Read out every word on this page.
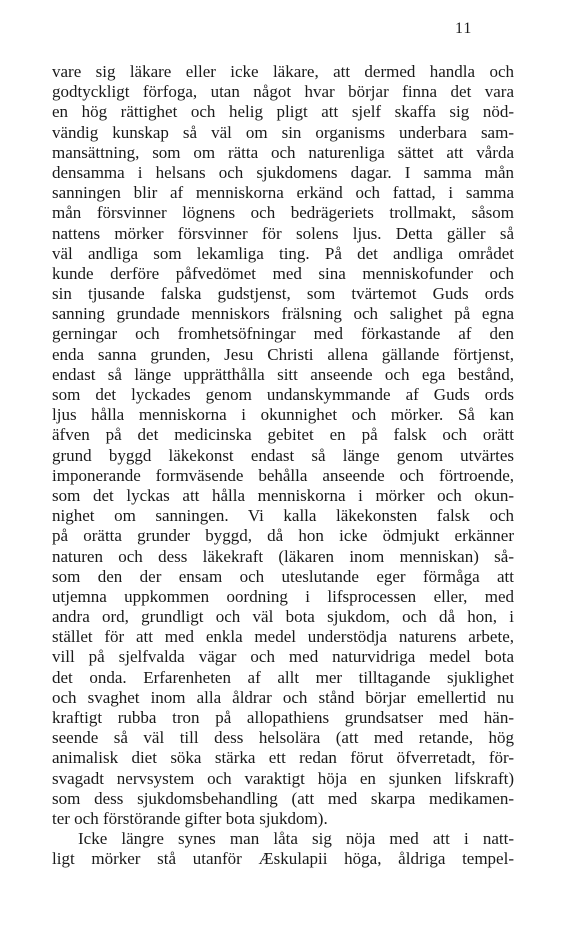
11
vare sig läkare eller icke läkare, att dermed handla och
godtyckligt förfoga, utan något hvar börjar finna det vara
en hög rättighet och helig pligt att sjelf skaffa sig nöd-
vändig kunskap så väl om sin organisms underbara sam-
mansättning, som om rätta och naturenliga sättet att vårda
densamma i helsans och sjukdomens dagar. I samma mån
sanningen blir af menniskorna erkänd och fattad, i samma
mån försvinner lögnens och bedrägeriets trollmakt, såsom
nattens mörker försvinner för solens ljus. Detta gäller så
väl andliga som lekamliga ting. På det andliga området
kunde derföre påfvedömet med sina menniskofunder och
sin tjusande falska gudstjenst, som tvärtemot Guds ords
sanning grundade menniskors frälsning och salighet på egna
gerningar och fromhetsöfningar med förkastande af den
enda sanna grunden, Jesu Christi allena gällande förtjenst,
endast så länge upprätthålla sitt anseende och ega bestånd,
som det lyckades genom undanskymmande af Guds ords
ljus hålla menniskorna i okunnighet och mörker. Så kan
äfven på det medicinska gebitet en på falsk och orätt
grund byggd läkekonst endast så länge genom utvärtes
imponerande formväsende behålla anseende och förtroende,
som det lyckas att hålla menniskorna i mörker och okun-
nighet om sanningen. Vi kalla läkekonsten falsk och
på orätta grunder byggd, då hon icke ödmjukt erkänner
naturen och dess läkekraft (läkaren inom menniskan) så-
som den der ensam och uteslutande eger förmåga att
utjemna uppkommen oordning i lifsprocessen eller, med
andra ord, grundligt och väl bota sjukdom, och då hon, i
stället för att med enkla medel understödja naturens arbete,
vill på sjelfvalda vägar och med naturvidriga medel bota
det onda. Erfarenheten af allt mer tilltagande sjuklighet
och svaghet inom alla åldrar och stånd börjar emellertid nu
kraftigt rubba tron på allopathiens grundsatser med hän-
seende så väl till dess helsolära (att med retande, hög
animalisk diet söka stärka ett redan förut öfverretadt, för-
svagadt nervsystem och varaktigt höja en sjunken lifskraft)
som dess sjukdomsbehandling (att med skarpa medikamen-
ter och förstörande gifter bota sjukdom).
Icke längre synes man låta sig nöja med att i natt-
ligt mörker stå utanför Æskulapii höga, åldriga tempel-
